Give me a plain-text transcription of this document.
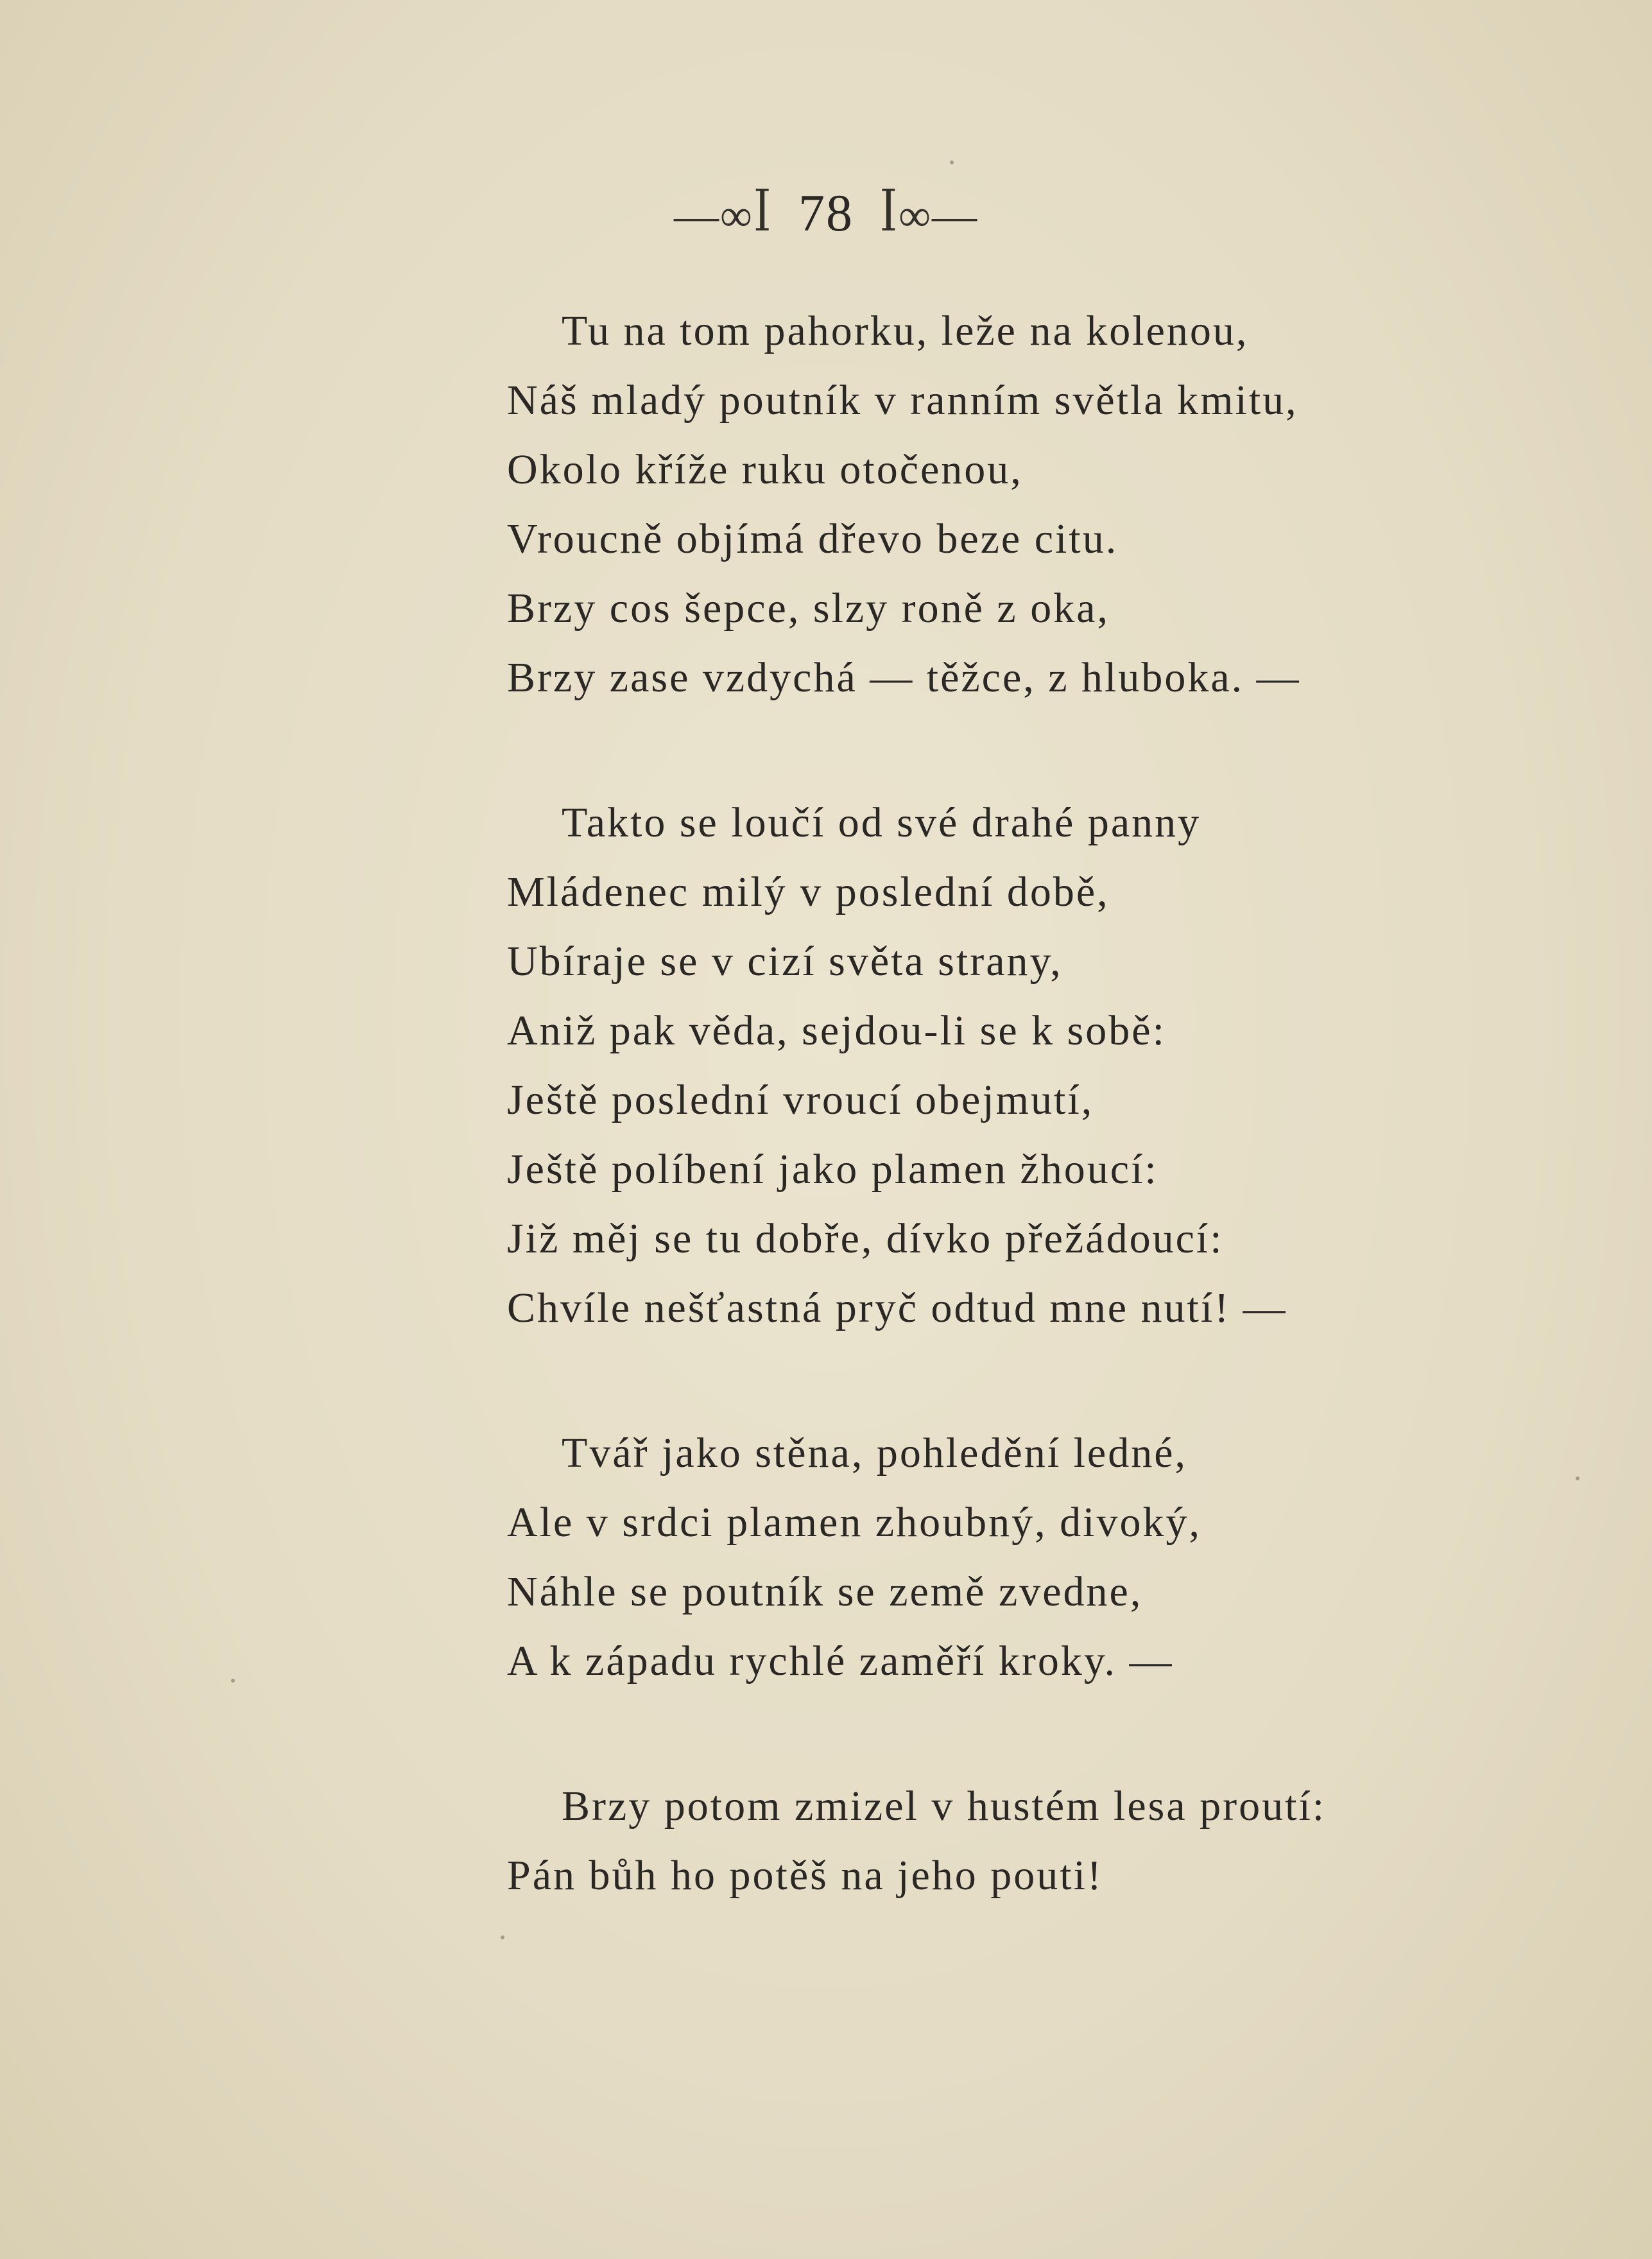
—∞ꟾ 78 ꟾ∞—
Tu na tom pahorku, leže na kolenou,
Náš mladý poutník v ranním světla kmitu,
Okolo kříže ruku otočenou,
Vroucně objímá dřevo beze citu.
Brzy cos šepce, slzy roně z oka,
Brzy zase vzdychá — těžce, z hluboka. —
Takto se loučí od své drahé panny
Mládenec milý v poslední době,
Ubíraje se v cizí světa strany,
Aniž pak věda, sejdou-li se k sobě:
Ještě poslední vroucí obejmutí,
Ještě políbení jako plamen žhoucí:
Již měj se tu dobře, dívko přežádoucí:
Chvíle nešťastná pryč odtud mne nutí! —
Tvář jako stěna, pohledění ledné,
Ale v srdci plamen zhoubný, divoký,
Náhle se poutník se země zvedne,
A k západu rychlé zaměří kroky. —
Brzy potom zmizel v hustém lesa proutí:
Pán bůh ho potěš na jeho pouti!
